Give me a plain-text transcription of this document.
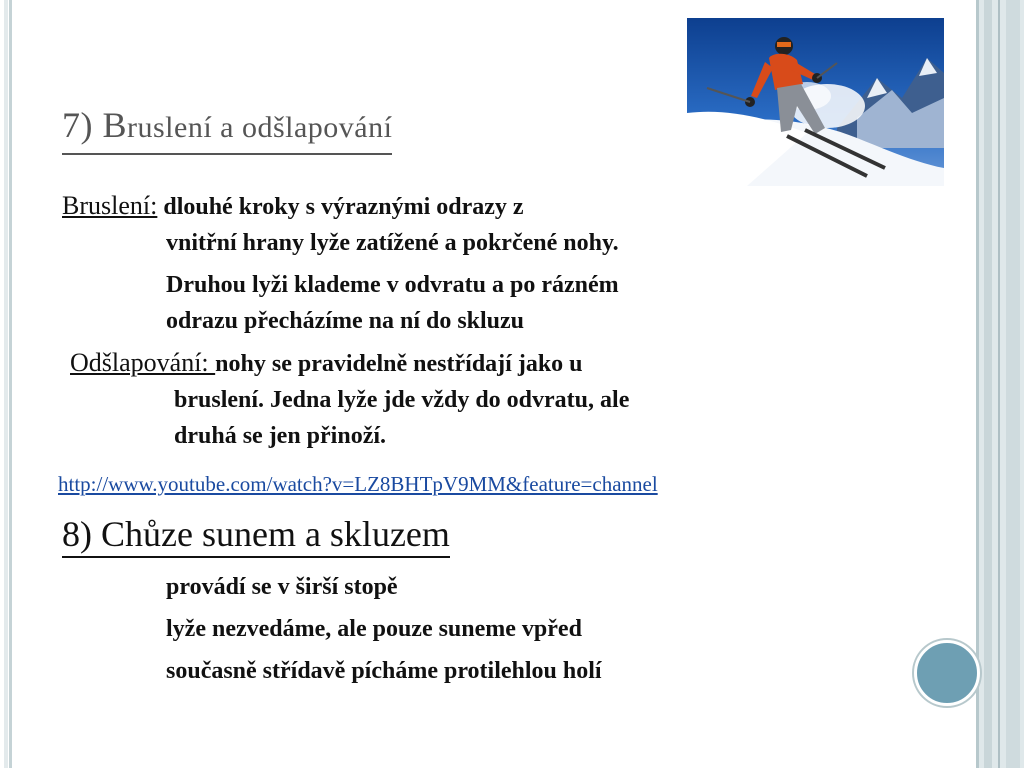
7) Bruslení a odšlapování

Bruslení: dlouhé kroky s výraznými odrazy z
vnitřní hrany lyže zatížené a pokrčené nohy.

Druhou lyži klademe v odvratu a po rázném
odrazu přecházíme na ní do skluzu

Odšlapování: nohy se pravidelně nestřídají jako u
bruslení. Jedna lyže jde vždy do odvratu, ale
druhá se jen přinoží.

http://www.youtube.com/watch?v=LZ8BHTpV9MM&feature=channel
8) Chůze sunem a skluzem
provádí se v širší stopě
lyže nezvedáme, ale pouze suneme vpřed
současně střídavě pícháme protilehlou holí
